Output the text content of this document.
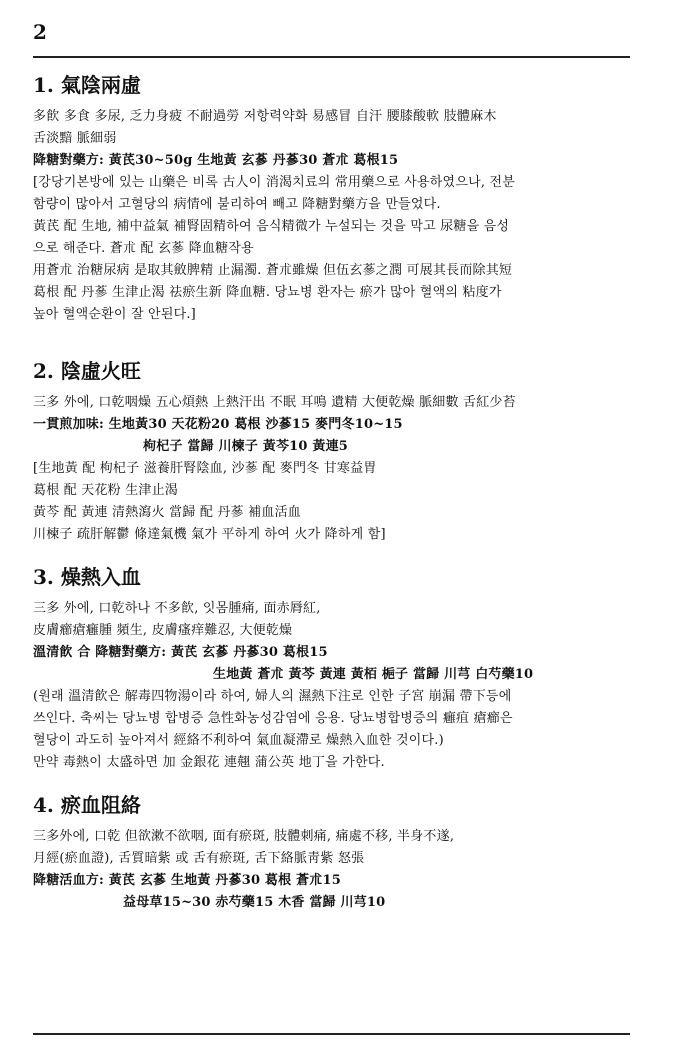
2
1. 氣陰兩虛
多飮 多食 多尿, 乏力身疲 不耐過勞 저항력약화 易感冒 自汗 腰膝酸軟 肢體麻木
舌淡黯 脈細弱
降糖對藥方: 黃芪30~50g 生地黃 玄蔘 丹蔘30 蒼朮 葛根15
[강당기본방에 있는 山藥은 비록 古人이 消渴치료의 常用藥으로 사용하였으나, 전분
함량이 많아서 고혈당의 病情에 불리하여 빼고 降糖對藥方을 만들었다.
黃芪 配 生地, 補中益氣 補腎固精하여 음식精微가 누설되는 것을 막고 尿糖을 음성
으로 해준다. 蒼朮 配 玄蔘 降血糖작용
用蒼朮 治糖尿病 是取其斂脾精 止漏濁. 蒼朮雖燥 但伍玄蔘之潤 可展其長而除其短
葛根 配 丹蔘 生津止渴 祛瘀生新 降血糖. 당뇨병 환자는 瘀가 많아 혈액의 粘度가
높아 혈액순환이 잘 안된다.]
2. 陰虛火旺
三多 外에, 口乾咽燥 五心煩熱 上熱汗出 不眠 耳鳴 遺精 大便乾燥 脈細數 舌紅少苔
一貫煎加味: 生地黃30 天花粉20 葛根 沙蔘15 麥門冬10~15
枸杞子 當歸 川楝子 黃芩10 黃連5
[生地黃 配 枸杞子 滋養肝腎陰血, 沙蔘 配 麥門冬 甘寒益胃
葛根 配 天花粉 生津止渴
黃芩 配 黃連 清熱瀉火 當歸 配 丹蔘 補血活血
川楝子 疏肝解鬱 條達氣機 氣가 平하게 하여 火가 降하게 함]
3. 燥熱入血
三多 外에, 口乾하나 不多飮, 잇몸腫痛, 面赤脣紅,
皮膚癤瘡癰腫 頻生, 皮膚瘙痒難忍, 大便乾燥
溫清飮 合 降糖對藥方: 黃芪 玄蔘 丹蔘30 葛根15
生地黃 蒼朮 黃芩 黃連 黃栢 梔子 當歸 川芎 白芍藥10
(원래 溫清飮은 解毒四物湯이라 하여, 婦人의 濕熱下注로 인한 子宮 崩漏 帶下등에
쓰인다. 축씨는 당뇨병 합병증 急性화농성감염에 응용. 당뇨병합병증의 癰疽 瘡癤은
혈당이 과도히 높아져서 經絡不利하여 氣血凝滯로 燥熱入血한 것이다.)
만약 毒熱이 太盛하면 加 金銀花 連翹 蒲公英 地丁을 가한다.
4. 瘀血阻絡
三多外에, 口乾 但欲漱不欲咽, 面有瘀斑, 肢體刺痛, 痛處不移, 半身不遂,
月經(瘀血證), 舌質暗紫 或 舌有瘀斑, 舌下絡脈靑紫 怒張
降糖活血方: 黃芪 玄蔘 生地黃 丹蔘30 葛根 蒼朮15
益母草15~30 赤芍藥15 木香 當歸 川芎10
